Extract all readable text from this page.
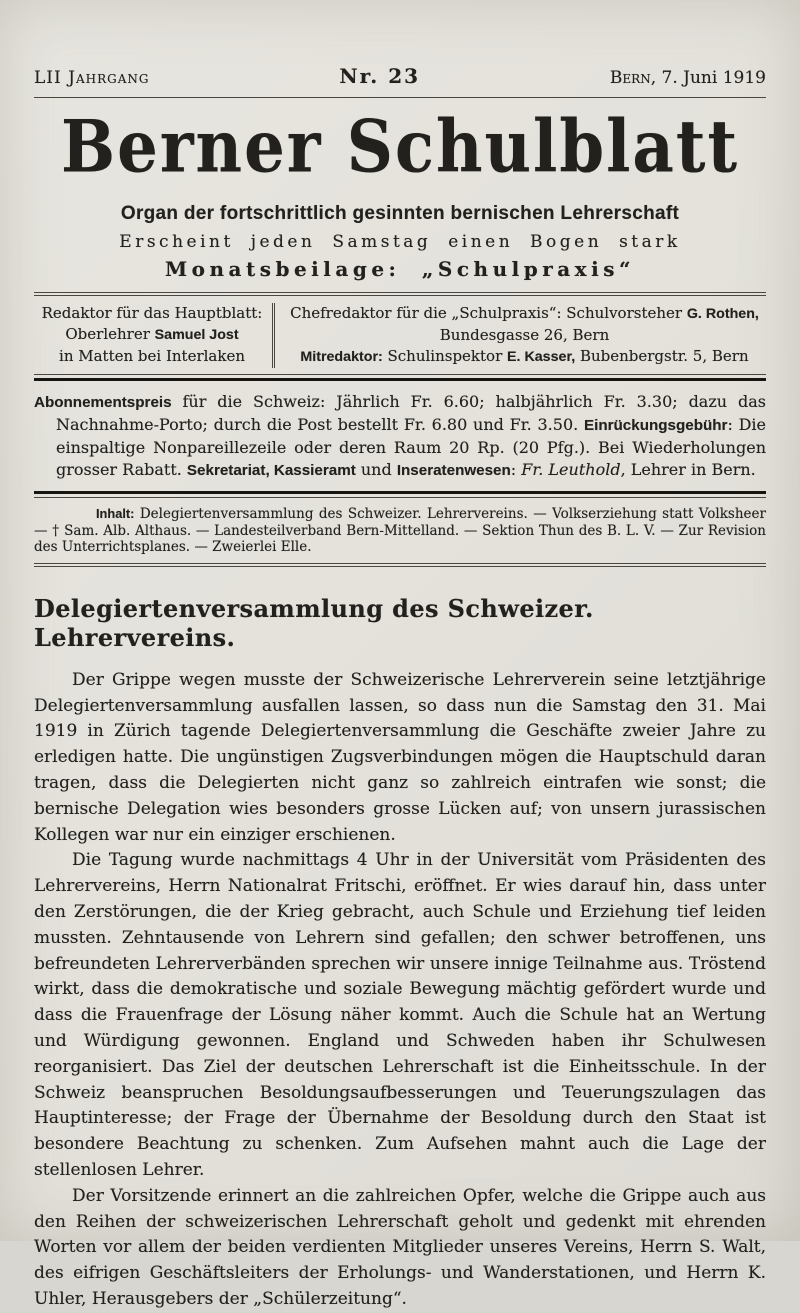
LII Jahrgang	Nr. 23	Bern, 7. Juni 1919
Berner Schulblatt
Organ der fortschrittlich gesinnten bernischen Lehrerschaft
Erscheint jeden Samstag einen Bogen stark
Monatsbeilage: „Schulpraxis“
Redaktor für das Hauptblatt:
Oberlehrer Samuel Jost
in Matten bei Interlaken
Chefredaktor für die „Schulpraxis“: Schulvorsteher G. Rothen,
Bundesgasse 26, Bern
Mitredaktor: Schulinspektor E. Kasser, Bubenbergstr. 5, Bern
Abonnementspreis für die Schweiz: Jährlich Fr. 6.60; halbjährlich Fr. 3.30; dazu das Nachnahme-Porto; durch die Post bestellt Fr. 6.80 und Fr. 3.50. Einrückungsgebühr: Die einspaltige Nonpareillezeile oder deren Raum 20 Rp. (20 Pfg.). Bei Wiederholungen grosser Rabatt. Sekretariat, Kassieramt und Inseratenwesen: Fr. Leuthold, Lehrer in Bern.
Inhalt: Delegiertenversammlung des Schweizer. Lehrervereins. — Volkserziehung statt Volksheer — † Sam. Alb. Althaus. — Landesteilverband Bern-Mittelland. — Sektion Thun des B. L. V. — Zur Revision des Unterrichtsplanes. — Zweierlei Elle.
Delegiertenversammlung des Schweizer. Lehrervereins.

Der Grippe wegen musste der Schweizerische Lehrerverein seine letztjährige Delegiertenversammlung ausfallen lassen, so dass nun die Samstag den 31. Mai 1919 in Zürich tagende Delegiertenversammlung die Geschäfte zweier Jahre zu erledigen hatte. Die ungünstigen Zugsverbindungen mögen die Hauptschuld daran tragen, dass die Delegierten nicht ganz so zahlreich eintrafen wie sonst; die bernische Delegation wies besonders grosse Lücken auf; von unsern jurassischen Kollegen war nur ein einziger erschienen.

Die Tagung wurde nachmittags 4 Uhr in der Universität vom Präsidenten des Lehrervereins, Herrn Nationalrat Fritschi, eröffnet. Er wies darauf hin, dass unter den Zerstörungen, die der Krieg gebracht, auch Schule und Erziehung tief leiden mussten. Zehntausende von Lehrern sind gefallen; den schwer betroffenen, uns befreundeten Lehrerverbänden sprechen wir unsere innige Teilnahme aus. Tröstend wirkt, dass die demokratische und soziale Bewegung mächtig gefördert wurde und dass die Frauenfrage der Lösung näher kommt. Auch die Schule hat an Wertung und Würdigung gewonnen. England und Schweden haben ihr Schulwesen reorganisiert. Das Ziel der deutschen Lehrerschaft ist die Einheitsschule. In der Schweiz beanspruchen Besoldungsaufbesserungen und Teuerungszulagen das Hauptinteresse; der Frage der Übernahme der Besoldung durch den Staat ist besondere Beachtung zu schenken. Zum Aufsehen mahnt auch die Lage der stellenlosen Lehrer.

Der Vorsitzende erinnert an die zahlreichen Opfer, welche die Grippe auch aus den Reihen der schweizerischen Lehrerschaft geholt und gedenkt mit ehrenden Worten vor allem der beiden verdienten Mitglieder unseres Vereins, Herrn S. Walt, des eifrigen Geschäftsleiters der Erholungs- und Wanderstationen, und Herrn K. Uhler, Herausgebers der „Schülerzeitung“.
